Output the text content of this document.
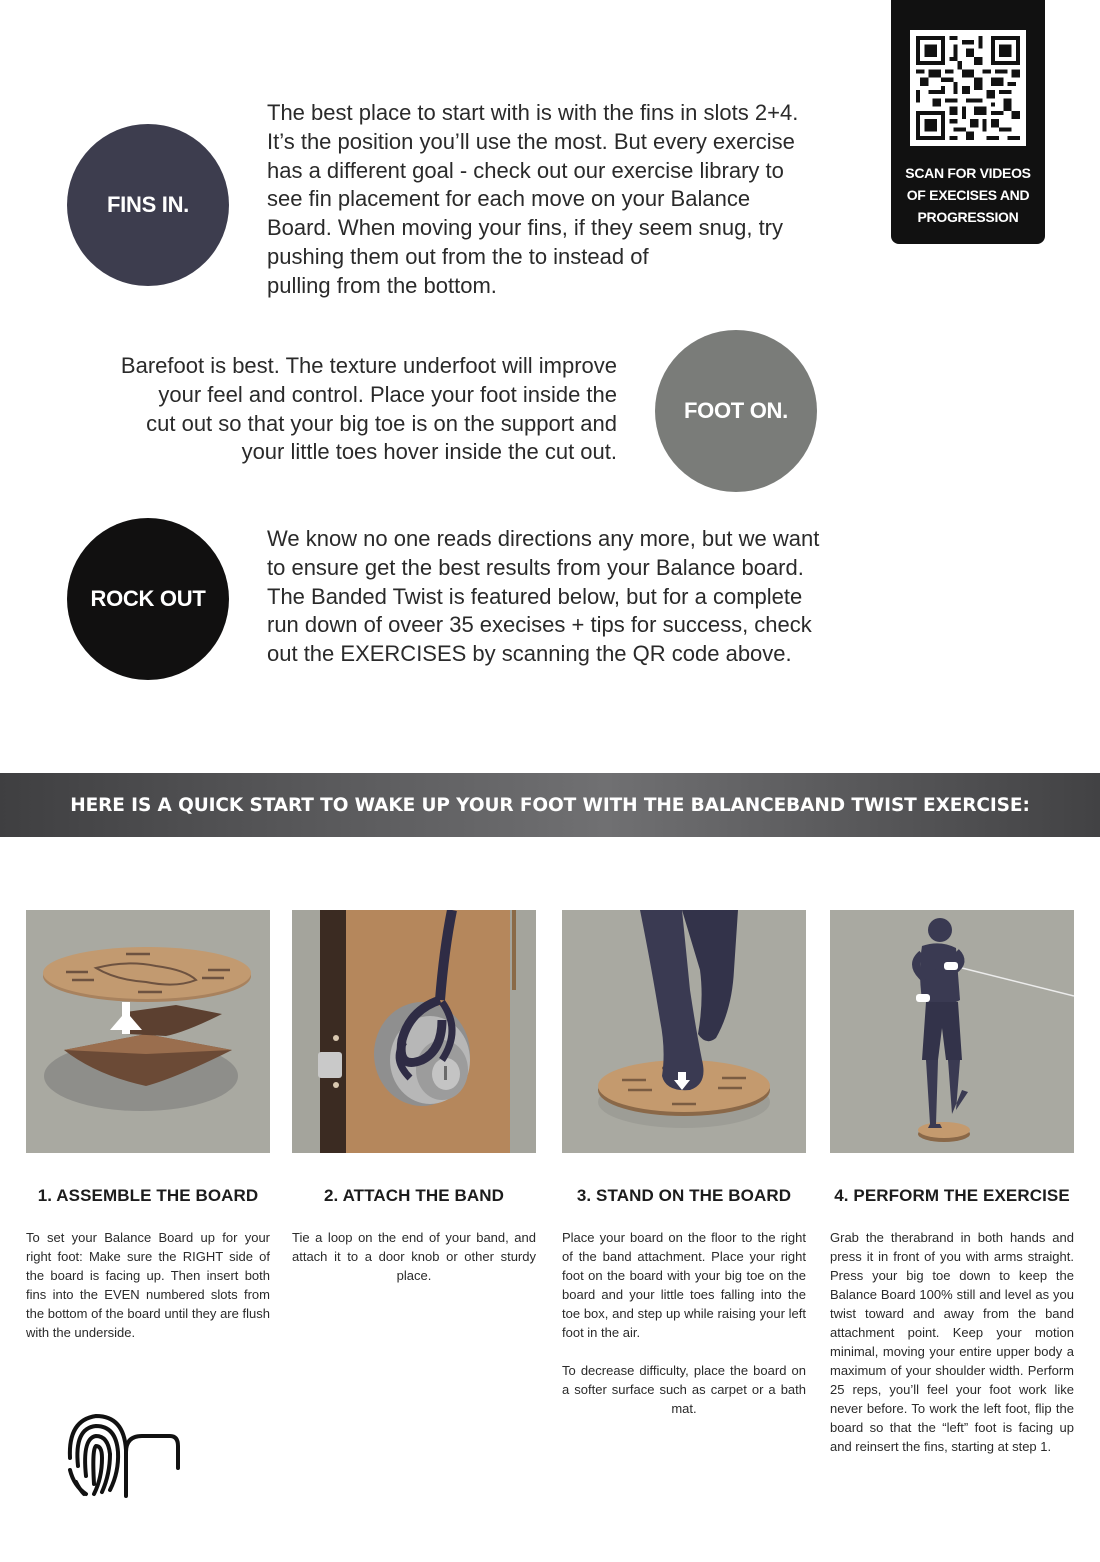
SCAN FOR VIDEOS
OF EXECISES AND
PROGRESSION
FINS IN.
The best place to start with is with the fins in slots 2+4.
It’s the position you’ll use the most. But every exercise
has a different goal - check out our exercise library to
see fin placement for each move on your Balance
Board. When moving your fins, if they seem snug, try
pushing them out from the to instead of
pulling from the bottom.
Barefoot is best. The texture underfoot will improve
your feel and control. Place your foot inside the
cut out so that your big toe is on the support and
your little toes hover inside the cut out.
FOOT ON.
ROCK OUT
We know no one reads directions any more, but we want
to ensure get the best results from your Balance board.
The Banded Twist is featured below, but for a complete
run down of oveer 35 execises + tips for success, check
out the EXERCISES by scanning the QR code above.
HERE IS A QUICK START TO WAKE UP YOUR FOOT WITH THE BALANCEBAND TWIST EXERCISE:
1. ASSEMBLE THE BOARD	2. ATTACH THE BAND	3. STAND ON THE BOARD	4. PERFORM THE EXERCISE

To set your Balance Board up for your right foot: Make sure the RIGHT side of the board is facing up. Then insert both fins into the EVEN numbered slots from the bottom of the board until they are flush with the underside.

Tie a loop on the end of your band, and attach it to a door knob or other sturdy place.

Place your board on the floor to the right of the band attachment. Place your right foot on the board with your big toe on the board and your little toes falling into the toe box, and step up while raising your left foot in the air.

To decrease difficulty, place the board on a softer surface such as carpet or a bath mat.

Grab the therabrand in both hands and press it in front of you with arms straight. Press your big toe down to keep the Balance Board 100% still and level as you twist toward and away from the band attachment point. Keep your motion minimal, moving your entire upper body a maximum of your shoulder width. Perform 25 reps, you’ll feel your foot work like never before. To work the left foot, flip the board so that the “left” foot is facing up and reinsert the fins, starting at step 1.
